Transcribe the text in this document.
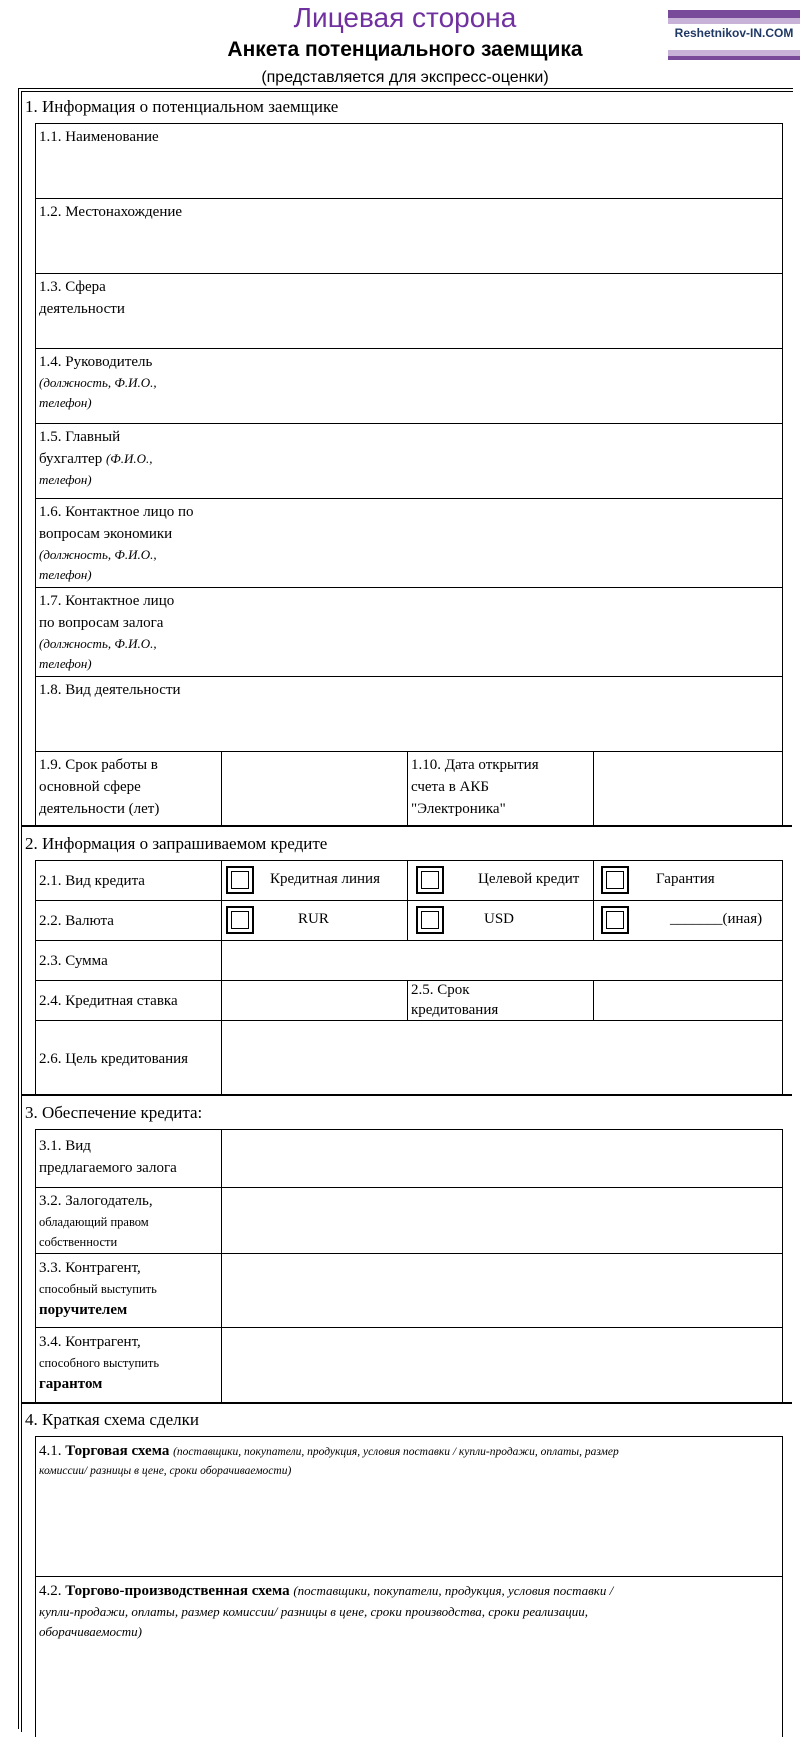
Лицевая сторона
Анкета потенциального заемщика
(представляется для экспресс-оценки)
Reshetnikov-IN.COM
1. Информация о потенциальном заемщике
1.1. Наименование
1.2. Местонахождение
1.3. Сфера
деятельности
1.4. Руководитель
(должность, Ф.И.О.,
телефон)
1.5. Главный
бухгалтер (Ф.И.О.,
телефон)
1.6. Контактное лицо по
вопросам экономики
(должность, Ф.И.О.,
телефон)
1.7. Контактное лицо
по вопросам залога
(должность, Ф.И.О.,
телефон)
1.8. Вид деятельности
1.9. Срок работы в
основной сфере
деятельности (лет)
1.10. Дата открытия
счета в АКБ
"Электроника"
2. Информация о запрашиваемом кредите
2.1. Вид кредита	Кредитная линия	Целевой кредит	Гарантия
2.2. Валюта	RUR	USD	_______(иная)
2.3. Сумма
2.4. Кредитная ставка
2.5. Срок
кредитования
2.6. Цель кредитования
3. Обеспечение кредита:
3.1. Вид
предлагаемого залога
3.2. Залогодатель,
обладающий правом
собственности
3.3. Контрагент,
способный выступить
поручителем
3.4. Контрагент,
способного выступить
гарантом
4. Краткая схема сделки
4.1. Торговая схема (поставщики, покупатели, продукция, условия поставки / купли-продажи, оплаты, размер
комиссии/ разницы в цене, сроки оборачиваемости)
4.2. Торгово-производственная схема (поставщики, покупатели, продукция, условия поставки /
купли-продажи, оплаты, размер комиссии/ разницы в цене, сроки производства, сроки реализации,
оборачиваемости)
